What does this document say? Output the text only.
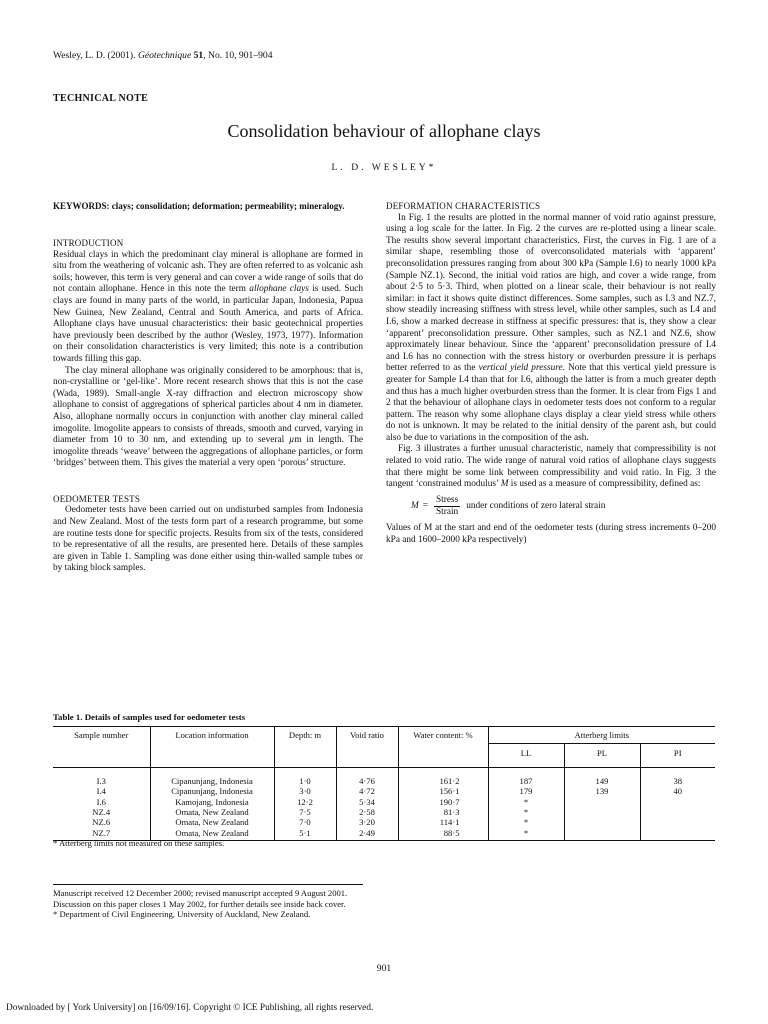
Wesley, L. D. (2001). Géotechnique 51, No. 10, 901–904
TECHNICAL NOTE
Consolidation behaviour of allophane clays
L. D. WESLEY*
KEYWORDS: clays; consolidation; deformation; permeability; mineralogy.

INTRODUCTION

Residual clays in which the predominant clay mineral is allophane are formed in situ from the weathering of volcanic ash. They are often referred to as volcanic ash soils; however, this term is very general and can cover a wide range of soils that do not contain allophane. Hence in this note the term allophane clays is used. Such clays are found in many parts of the world, in particular Japan, Indonesia, Papua New Guinea, New Zealand, Central and South America, and parts of Africa. Allophane clays have unusual characteristics: their basic geotechnical properties have previously been described by the author (Wesley, 1973, 1977). Information on their consolidation characteristics is very limited; this note is a contribution towards filling this gap.

The clay mineral allophane was originally considered to be amorphous: that is, non-crystalline or ‘gel-like’. More recent research shows that this is not the case (Wada, 1989). Small-angle X-ray diffraction and electron microscopy show allophane to consist of aggregations of spherical particles about 4 nm in diameter. Also, allophane normally occurs in conjunction with another clay mineral called imogolite. Imogolite appears to consists of threads, smooth and curved, varying in diameter from 10 to 30 nm, and extending up to several µm in length. The imogolite threads ‘weave’ between the aggregations of allophane particles, or form ‘bridges’ between them. This gives the material a very open ‘porous’ structure.

OEDOMETER TESTS

Oedometer tests have been carried out on undisturbed samples from Indonesia and New Zealand. Most of the tests form part of a research programme, but some are routine tests done for specific projects. Results from six of the tests, considered to be representative of all the results, are presented here. Details of these samples are given in Table 1. Sampling was done either using thin-walled sample tubes or by taking block samples.

DEFORMATION CHARACTERISTICS

In Fig. 1 the results are plotted in the normal manner of void ratio against pressure, using a log scale for the latter. In Fig. 2 the curves are re-plotted using a linear scale. The results show several important characteristics. First, the curves in Fig. 1 are of a similar shape, resembling those of overconsolidated materials with ‘apparent’ preconsolidation pressures ranging from about 300 kPa (Sample I.6) to nearly 1000 kPa (Sample NZ.1). Second, the initial void ratios are high, and cover a wide range, from about 2·5 to 5·3. Third, when plotted on a linear scale, their behaviour is not really similar: in fact it shows quite distinct differences. Some samples, such as I.3 and NZ.7, show steadily increasing stiffness with stress level, while other samples, such as I.4 and I.6, show a marked decrease in stiffness at specific pressures: that is, they show a clear ‘apparent’ preconsolidation pressure. Other samples, such as NZ.1 and NZ.6, show approximately linear behaviour. Since the ‘apparent’ preconsolidation pressure of I.4 and I.6 has no connection with the stress history or overburden pressure it is perhaps better referred to as the vertical yield pressure. Note that this vertical yield pressure is greater for Sample I.4 than that for I.6, although the latter is from a much greater depth and thus has a much higher overburden stress than the former. It is clear from Figs 1 and 2 that the behaviour of allophane clays in oedometer tests does not conform to a regular pattern. The reason why some allophane clays display a clear yield stress while others do not is unknown. It may be related to the initial density of the parent ash, but could also be due to variations in the composition of the ash.

Fig. 3 illustrates a further unusual characteristic, namely that compressibility is not related to void ratio. The wide range of natural void ratios of allophane clays suggests that there might be some link between compressibility and void ratio. In Fig. 3 the tangent ‘constrained modulus’ M is used as a measure of compressibility, defined as:

$M = \frac{\text{Stress}}{\text{Strain}}$ under conditions of zero lateral strain

Values of M at the start and end of the oedometer tests (during stress increments 0–200 kPa and 1600–2000 kPa respectively)

Table 1. Details of samples used for oedometer tests
Sample number	Location information	Depth: m	Void ratio	Water content: %	Atterberg limits		
					LL	PL	PI
I.3	Cipanunjang, Indonesia	1·0	4·76	161·2	187	149	38
I.4	Cipanunjang, Indonesia	3·0	4·72	156·1	179	139	40
I.6	Kamojang, Indonesia	12·2	5·34	190·7	*		
NZ.4	Omata, New Zealand	7·5	2·58	81·3	*		
NZ.6	Omata, New Zealand	7·0	3·20	114·1	*		
NZ.7	Omata, New Zealand	5·1	2·49	88·5	*		
* Atterberg limits not measured on these samples.
Manuscript received 12 December 2000; revised manuscript accepted 9 August 2001.
Discussion on this paper closes 1 May 2002, for further details see inside back cover.
* Department of Civil Engineering, University of Auckland, New Zealand.
901
Downloaded by [ York University] on [16/09/16]. Copyright © ICE Publishing, all rights reserved.
